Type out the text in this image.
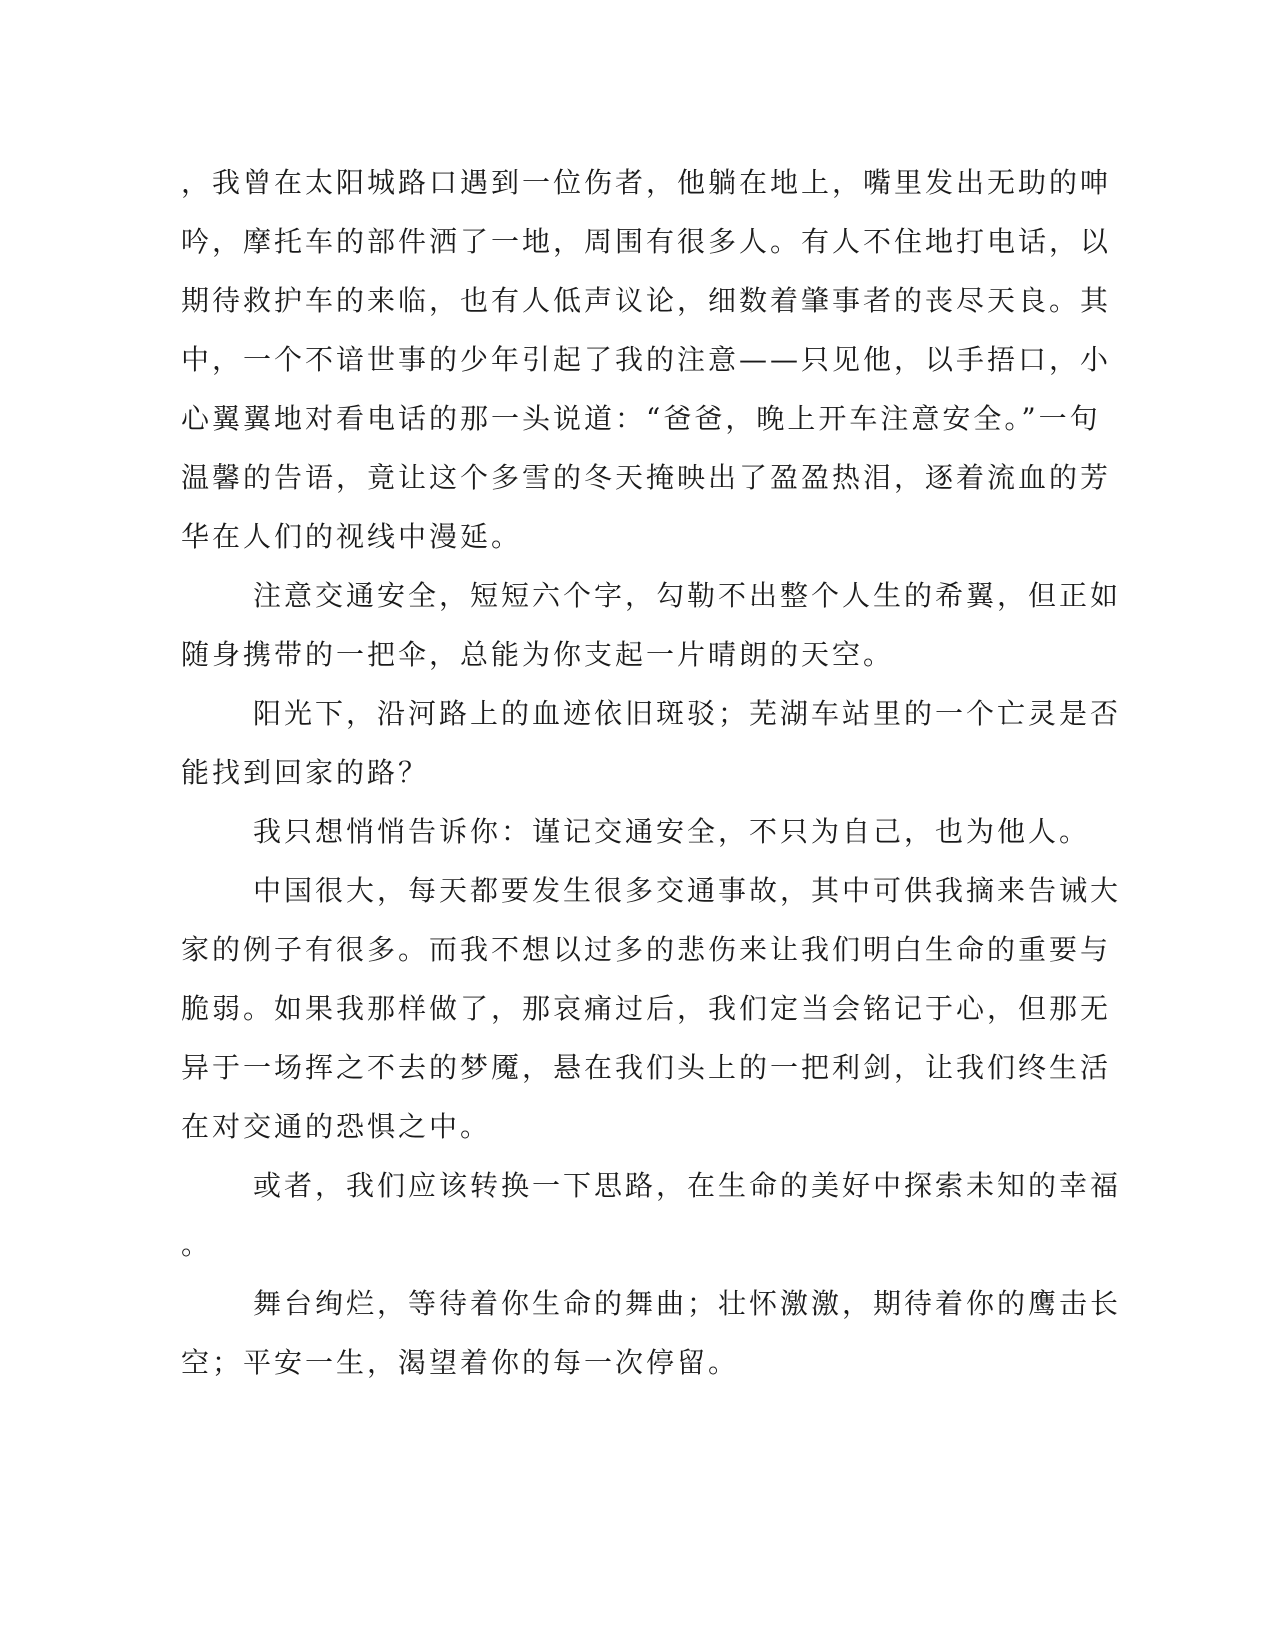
，我曾在太阳城路口遇到一位伤者，他躺在地上，嘴里发出无助的呻
吟，摩托车的部件洒了一地，周围有很多人。有人不住地打电话，以
期待救护车的来临，也有人低声议论，细数着肇事者的丧尽天良。其
中，一个不谙世事的少年引起了我的注意——只见他，以手捂口，小
心翼翼地对看电话的那一头说道：“爸爸，晚上开车注意安全。”一句
温馨的告语，竟让这个多雪的冬天掩映出了盈盈热泪，逐着流血的芳
华在人们的视线中漫延。
注意交通安全，短短六个字，勾勒不出整个人生的希翼，但正如
随身携带的一把伞，总能为你支起一片晴朗的天空。
阳光下，沿河路上的血迹依旧斑驳；芜湖车站里的一个亡灵是否
能找到回家的路？
我只想悄悄告诉你：谨记交通安全，不只为自己，也为他人。
中国很大，每天都要发生很多交通事故，其中可供我摘来告诫大
家的例子有很多。而我不想以过多的悲伤来让我们明白生命的重要与
脆弱。如果我那样做了，那哀痛过后，我们定当会铭记于心，但那无
异于一场挥之不去的梦魇，悬在我们头上的一把利剑，让我们终生活
在对交通的恐惧之中。
或者，我们应该转换一下思路，在生命的美好中探索未知的幸福
。
舞台绚烂，等待着你生命的舞曲；壮怀激激，期待着你的鹰击长
空；平安一生，渴望着你的每一次停留。
